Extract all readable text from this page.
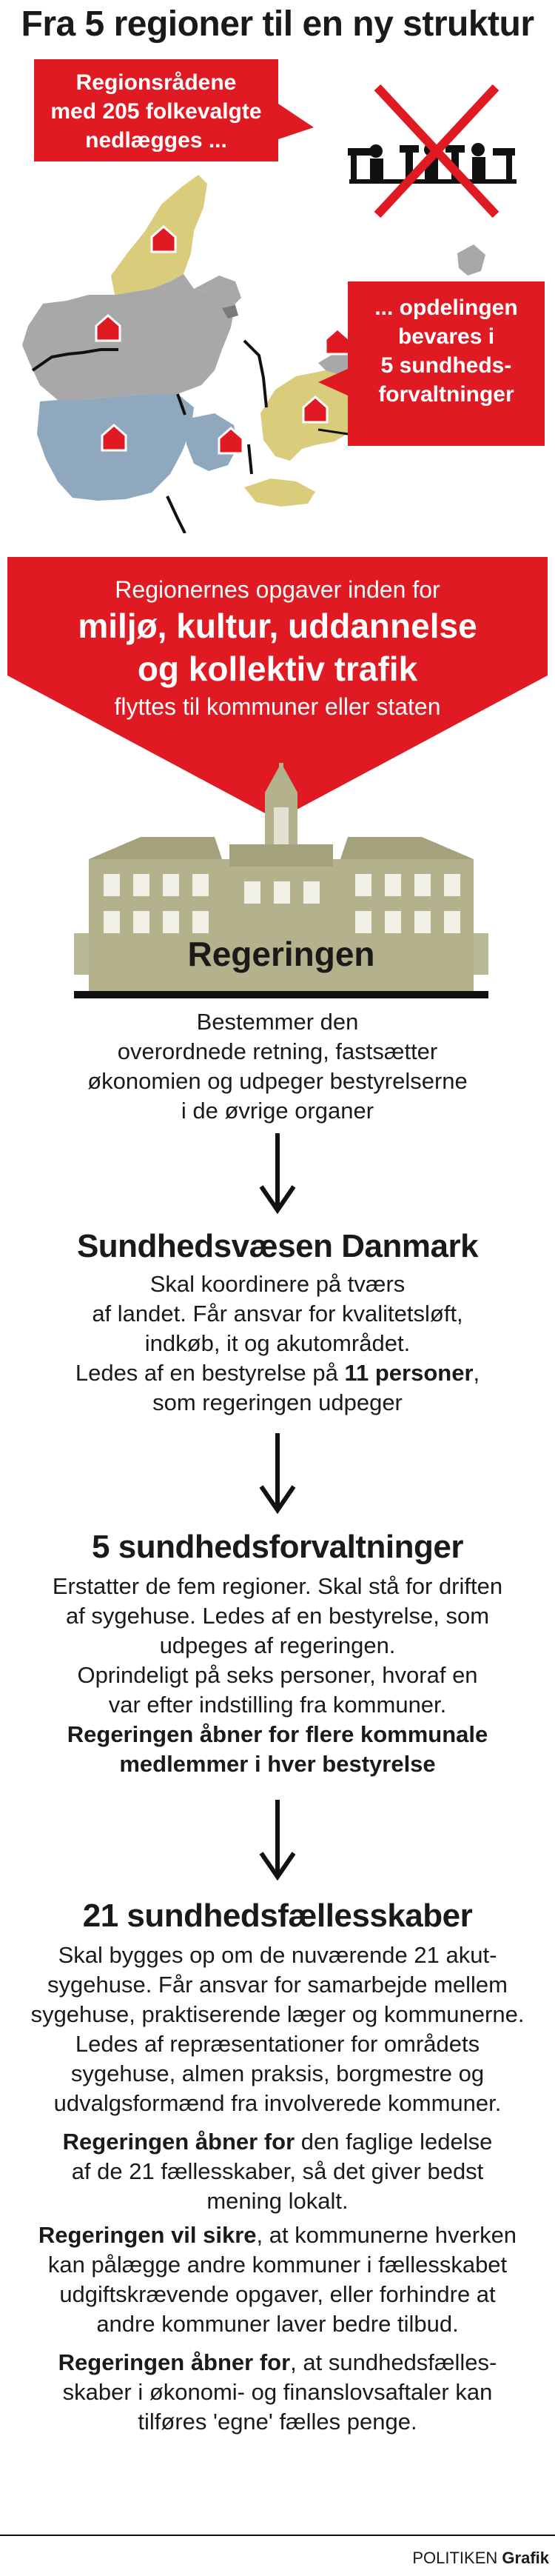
Fra 5 regioner til en ny struktur
Regionsrådene
med 205 folkevalgte
nedlægges ...
... opdelingen
bevares i
5 sundheds-
forvaltninger
Regionernes opgaver inden for
miljø, kultur, uddannelse
og kollektiv trafik
flyttes til kommuner eller staten
Regeringen
Bestemmer den
overordnede retning, fastsætter
økonomien og udpeger bestyrelserne
i de øvrige organer
Sundhedsvæsen Danmark
Skal koordinere på tværs
af landet. Får ansvar for kvalitetsløft,
indkøb, it og akutområdet.
Ledes af en bestyrelse på 11 personer,
som regeringen udpeger
5 sundhedsforvaltninger
Erstatter de fem regioner. Skal stå for driften
af sygehuse. Ledes af en bestyrelse, som
udpeges af regeringen.
Oprindeligt på seks personer, hvoraf en
var efter indstilling fra kommuner.
Regeringen åbner for flere kommunale
medlemmer i hver bestyrelse
21 sundhedsfællesskaber
Skal bygges op om de nuværende 21 akut-
sygehuse. Får ansvar for samarbejde mellem
sygehuse, praktiserende læger og kommunerne.
Ledes af repræsentationer for områdets
sygehuse, almen praksis, borgmestre og
udvalgsformænd fra involverede kommuner.
Regeringen åbner for den faglige ledelse
af de 21 fællesskaber, så det giver bedst
mening lokalt.
Regeringen vil sikre, at kommunerne hverken
kan pålægge andre kommuner i fællesskabet
udgiftskrævende opgaver, eller forhindre at
andre kommuner laver bedre tilbud.
Regeringen åbner for, at sundhedsfælles-
skaber i økonomi- og finanslovsaftaler kan
tilføres 'egne' fælles penge.
POLITIKEN Grafik
